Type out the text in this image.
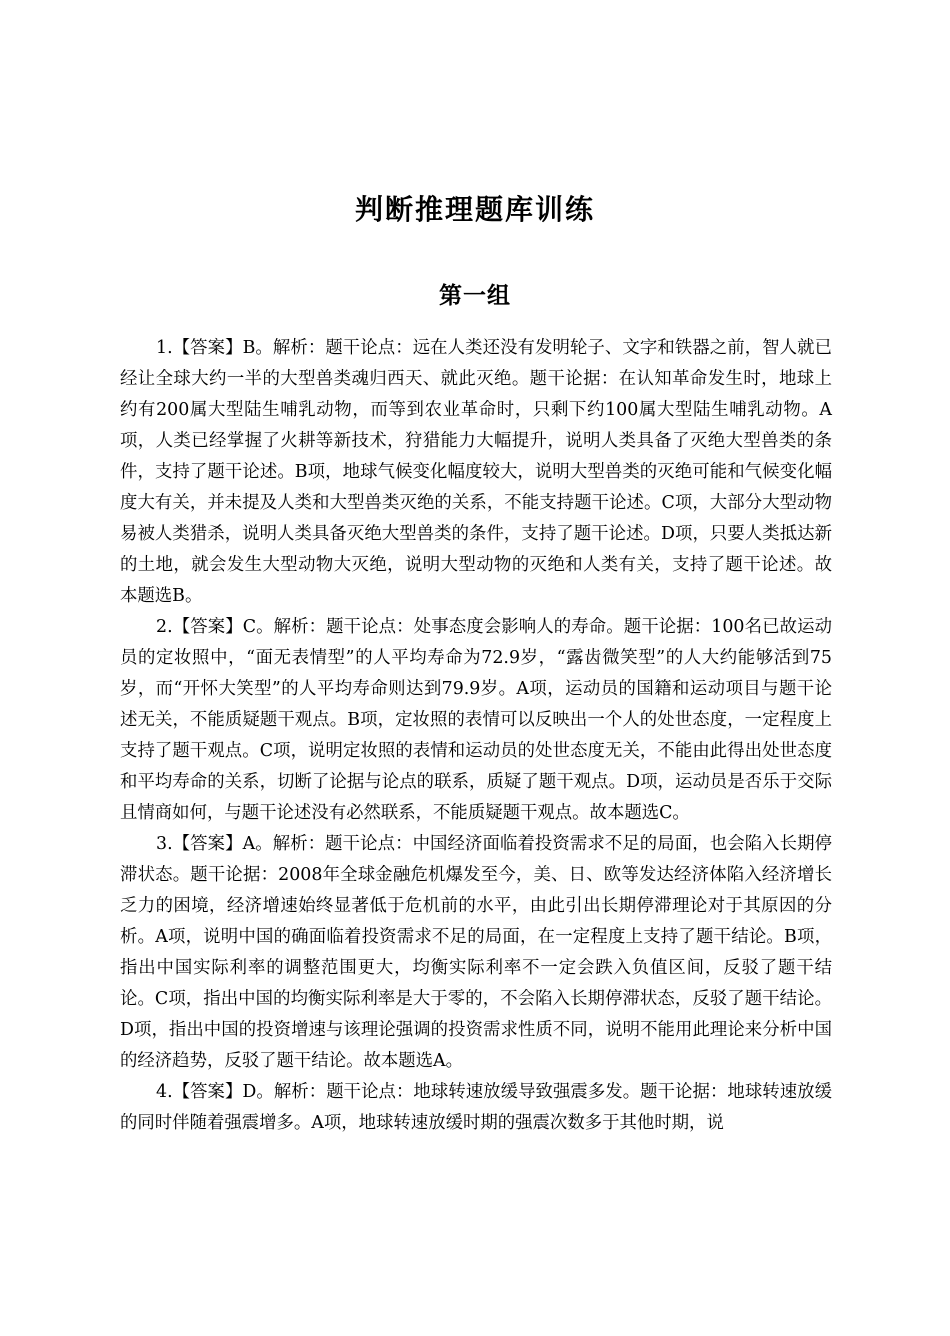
判断推理题库训练
第一组

1.【答案】B。解析：题干论点：远在人类还没有发明轮子、文字和铁器之前，智人就已经让全球大约一半的大型兽类魂归西天、就此灭绝。题干论据：在认知革命发生时，地球上约有200属大型陆生哺乳动物，而等到农业革命时，只剩下约100属大型陆生哺乳动物。A项，人类已经掌握了火耕等新技术，狩猎能力大幅提升，说明人类具备了灭绝大型兽类的条件，支持了题干论述。B项，地球气候变化幅度较大，说明大型兽类的灭绝可能和气候变化幅度大有关，并未提及人类和大型兽类灭绝的关系，不能支持题干论述。C项，大部分大型动物易被人类猎杀，说明人类具备灭绝大型兽类的条件，支持了题干论述。D项，只要人类抵达新的土地，就会发生大型动物大灭绝，说明大型动物的灭绝和人类有关，支持了题干论述。故本题选B。

2.【答案】C。解析：题干论点：处事态度会影响人的寿命。题干论据：100名已故运动员的定妆照中，“面无表情型”的人平均寿命为72.9岁，“露齿微笑型”的人大约能够活到75岁，而“开怀大笑型”的人平均寿命则达到79.9岁。A项，运动员的国籍和运动项目与题干论述无关，不能质疑题干观点。B项，定妆照的表情可以反映出一个人的处世态度，一定程度上支持了题干观点。C项，说明定妆照的表情和运动员的处世态度无关，不能由此得出处世态度和平均寿命的关系，切断了论据与论点的联系，质疑了题干观点。D项，运动员是否乐于交际且情商如何，与题干论述没有必然联系，不能质疑题干观点。故本题选C。

3.【答案】A。解析：题干论点：中国经济面临着投资需求不足的局面，也会陷入长期停滞状态。题干论据：2008年全球金融危机爆发至今，美、日、欧等发达经济体陷入经济增长乏力的困境，经济增速始终显著低于危机前的水平，由此引出长期停滞理论对于其原因的分析。A项，说明中国的确面临着投资需求不足的局面，在一定程度上支持了题干结论。B项，指出中国实际利率的调整范围更大，均衡实际利率不一定会跌入负值区间，反驳了题干结论。C项，指出中国的均衡实际利率是大于零的，不会陷入长期停滞状态，反驳了题干结论。D项，指出中国的投资增速与该理论强调的投资需求性质不同，说明不能用此理论来分析中国的经济趋势，反驳了题干结论。故本题选A。

4.【答案】D。解析：题干论点：地球转速放缓导致强震多发。题干论据：地球转速放缓的同时伴随着强震增多。A项，地球转速放缓时期的强震次数多于其他时期，说
